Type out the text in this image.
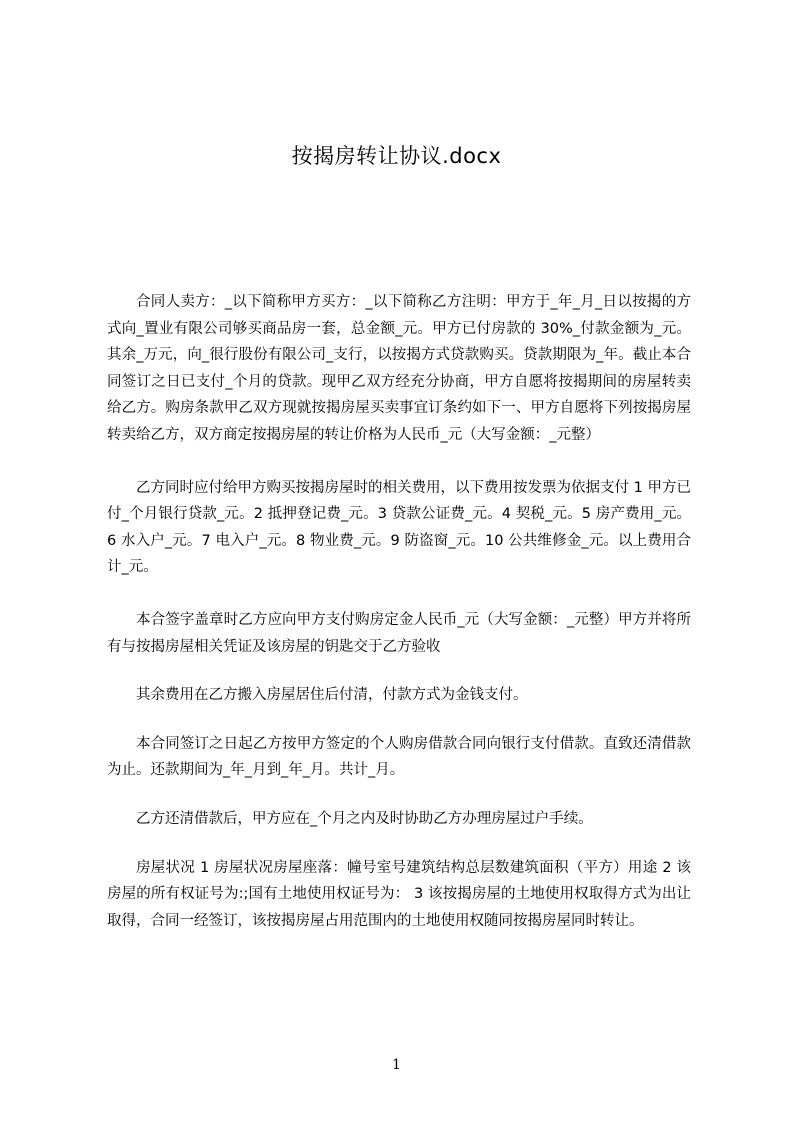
按揭房转让协议.docx

合同人卖方：_以下简称甲方买方：_以下简称乙方注明：甲方于_年_月_日以按揭的方式向_置业有限公司够买商品房一套，总金额_元。甲方已付房款的 30%_付款金额为_元。其余_万元，向_很行股份有限公司_支行，以按揭方式贷款购买。贷款期限为_年。截止本合同签订之日已支付_个月的贷款。现甲乙双方经充分协商，甲方自愿将按揭期间的房屋转卖给乙方。购房条款甲乙双方现就按揭房屋买卖事宜订条约如下一、甲方自愿将下列按揭房屋转卖给乙方，双方商定按揭房屋的转让价格为人民币_元（大写金额：_元整）

乙方同时应付给甲方购买按揭房屋时的相关费用，以下费用按发票为依据支付 1 甲方已付_个月银行贷款_元。2 抵押登记费_元。3 贷款公证费_元。4 契税_元。5 房产费用_元。6 水入户_元。7 电入户_元。8 物业费_元。9 防盗窗_元。10 公共维修金_元。以上费用合计_元。

本合签字盖章时乙方应向甲方支付购房定金人民币_元（大写金额：_元整）甲方并将所有与按揭房屋相关凭证及该房屋的钥匙交于乙方验收

其余费用在乙方搬入房屋居住后付清，付款方式为金钱支付。

本合同签订之日起乙方按甲方签定的个人购房借款合同向银行支付借款。直致还清借款为止。还款期间为_年_月到_年_月。共计_月。

乙方还清借款后，甲方应在_个月之内及时协助乙方办理房屋过户手续。

房屋状况 1 房屋状况房屋座落：幢号室号建筑结构总层数建筑面积（平方）用途 2 该房屋的所有权证号为:;国有土地使用权证号为： 3 该按揭房屋的土地使用权取得方式为出让取得，合同一经签订，该按揭房屋占用范围内的土地使用权随同按揭房屋同时转让。

1
